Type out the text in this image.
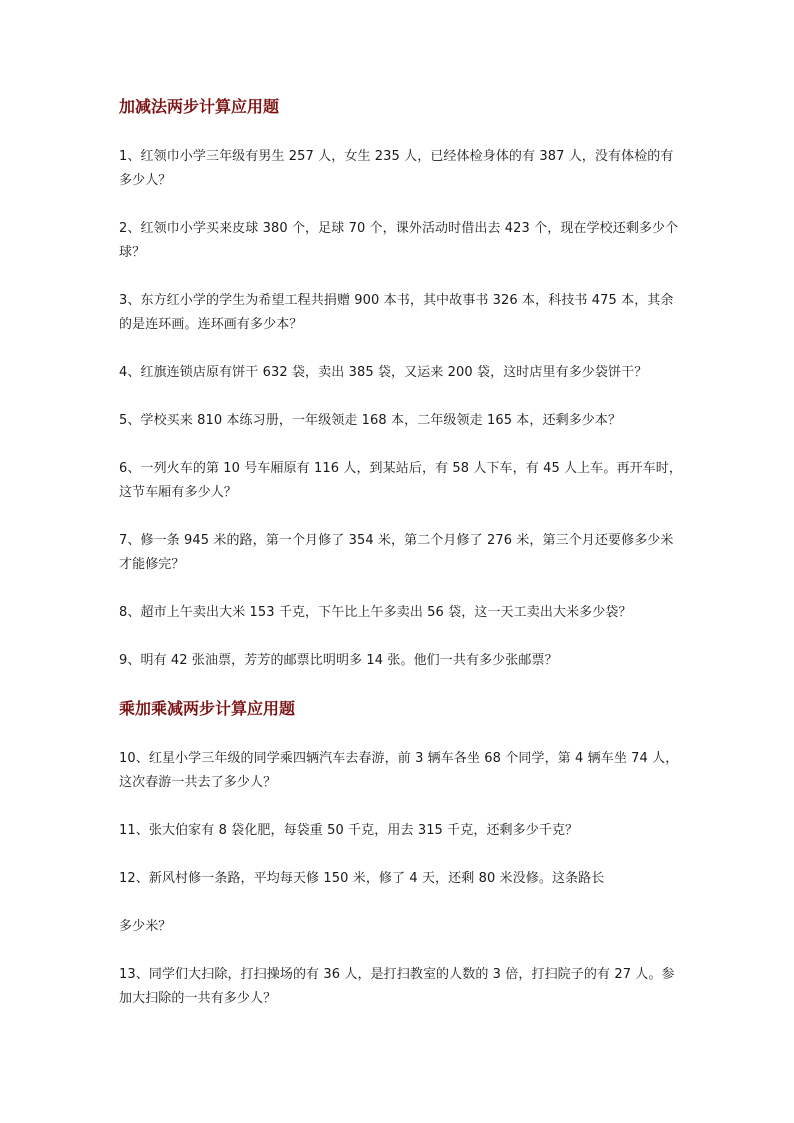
加减法两步计算应用题

1、红领巾小学三年级有男生 257 人，女生 235 人，已经体检身体的有 387 人，没有体检的有多少人？

2、红领巾小学买来皮球 380 个，足球 70 个，课外活动时借出去 423 个，现在学校还剩多少个球？

3、东方红小学的学生为希望工程共捐赠 900 本书，其中故事书 326 本，科技书 475 本，其余的是连环画。连环画有多少本？

4、红旗连锁店原有饼干 632 袋，卖出 385 袋，又运来 200 袋，这时店里有多少袋饼干？

5、学校买来 810 本练习册，一年级领走 168 本，二年级领走 165 本，还剩多少本？

6、一列火车的第 10 号车厢原有 116 人，到某站后，有 58 人下车，有 45 人上车。再开车时，这节车厢有多少人？

7、修一条 945 米的路，第一个月修了 354 米，第二个月修了 276 米，第三个月还要修多少米才能修完？

8、超市上午卖出大米 153 千克，下午比上午多卖出 56 袋，这一天工卖出大米多少袋？

9、明有 42 张油票，芳芳的邮票比明明多 14 张。他们一共有多少张邮票？

乘加乘减两步计算应用题

10、红星小学三年级的同学乘四辆汽车去春游，前 3 辆车各坐 68 个同学，第 4 辆车坐 74 人，这次春游一共去了多少人？

11、张大伯家有 8 袋化肥，每袋重 50 千克，用去 315 千克，还剩多少千克？

12、新风村修一条路，平均每天修 150 米，修了 4 天，还剩 80 米没修。这条路长

多少米？

13、同学们大扫除，打扫操场的有 36 人，是打扫教室的人数的 3 倍，打扫院子的有 27 人。参加大扫除的一共有多少人？
